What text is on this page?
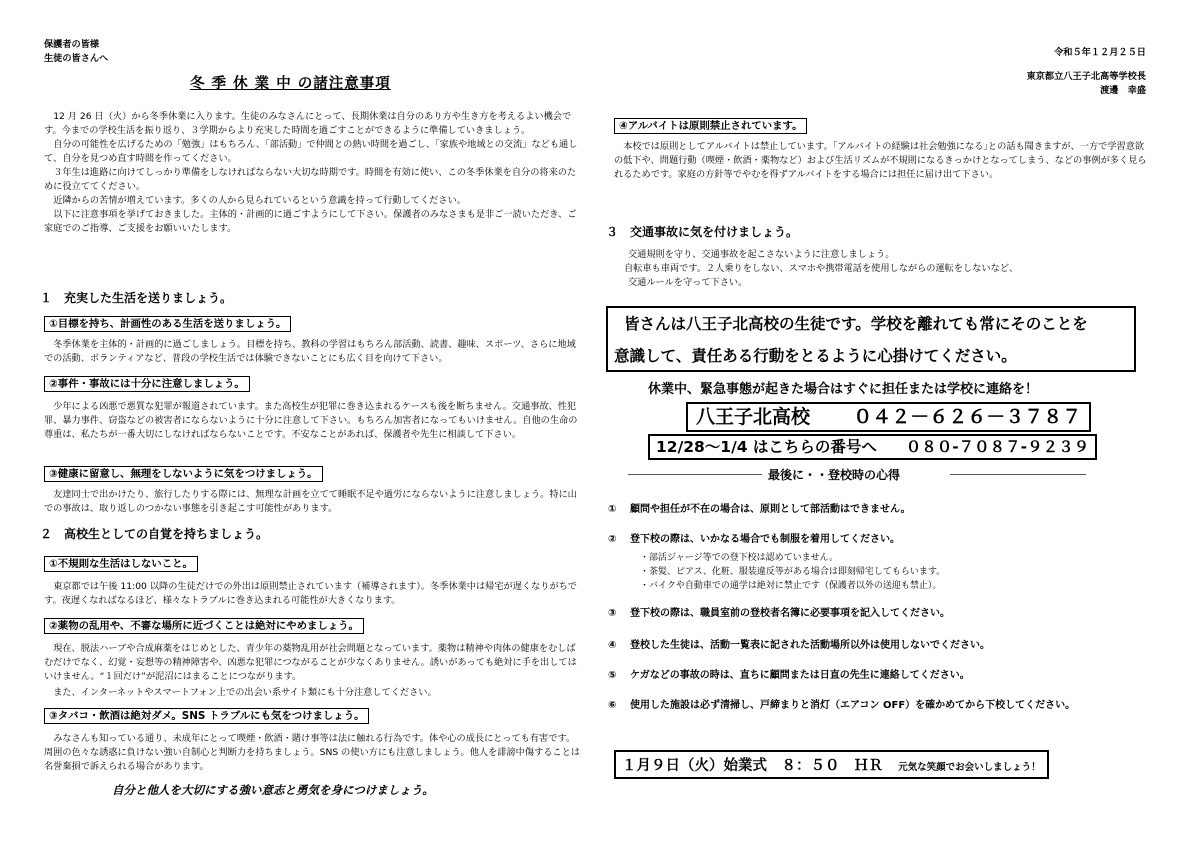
保護者の皆様
生徒の皆さんへ
冬 季 休 業 中 の諸注意事項

12 月 26 日（火）から冬季休業に入ります。生徒のみなさんにとって、長期休業は自分のあり方や生き方を考えるよい機会です。今までの学校生活を振り返り、３学期からより充実した時間を過ごすことができるように準備していきましょう。

自分の可能性を広げるための「勉強」はもちろん、「部活動」で仲間との熱い時間を過ごし、「家族や地域との交流」なども通して、自分を見つめ直す時間を作ってください。

３年生は進路に向けてしっかり準備をしなければならない大切な時期です。時間を有効に使い、この冬季休業を自分の将来のために役立ててください。

近隣からの苦情が増えています。多くの人から見られているという意識を持って行動してください。

以下に注意事項を挙げておきました。主体的・計画的に過ごすようにして下さい。保護者のみなさまも是非ご一読いただき、ご家庭でのご指導、ご支援をお願いいたします。

１　充実した生活を送りましょう。
①目標を持ち、計画性のある生活を送りましょう。

冬季休業を主体的・計画的に過ごしましょう。目標を持ち、教科の学習はもちろん部活動、読書、趣味、スポーツ、さらに地域での活動、ボランティアなど、普段の学校生活では体験できないことにも広く目を向けて下さい。

②事件・事故には十分に注意しましょう。

少年による凶悪で悪質な犯罪が報道されています。また高校生が犯罪に巻き込まれるケースも後を断ちません。交通事故、性犯罪、暴力事件、窃盗などの被害者にならないように十分に注意して下さい。もちろん加害者になってもいけません。自他の生命の尊重は、私たちが一番大切にしなければならないことです。不安なことがあれば、保護者や先生に相談して下さい。

③健康に留意し、無理をしないように気をつけましょう。

友達同士で出かけたり、旅行したりする際には、無理な計画を立てて睡眠不足や過労にならないように注意しましょう。特に山での事故は、取り返しのつかない事態を引き起こす可能性があります。

２　高校生としての自覚を持ちましょう。
①不規則な生活はしないこと。

東京都では午後 11:00 以降の生徒だけでの外出は原則禁止されています（補導されます）。冬季休業中は帰宅が遅くなりがちです。夜遅くなればなるほど、様々なトラブルに巻き込まれる可能性が大きくなります。

②薬物の乱用や、不審な場所に近づくことは絶対にやめましょう。

現在、脱法ハーブや合成麻薬をはじめとした、青少年の薬物乱用が社会問題となっています。薬物は精神や肉体の健康をむしばむだけでなく、幻覚・妄想等の精神障害や、凶悪な犯罪につながることが少なくありません。誘いがあっても絶対に手を出してはいけません。“１回だけ”が泥沼にはまることにつながります。

また、インターネットやスマートフォン上での出会い系サイト類にも十分注意してください。

③タバコ・飲酒は絶対ダメ。SNS トラブルにも気をつけましょう。

みなさんも知っている通り、未成年にとって喫煙・飲酒・賭け事等は法に触れる行為です。体や心の成長にとっても有害です。周囲の色々な誘惑に負けない強い自制心と判断力を持ちましょう。SNS の使い方にも注意しましょう。他人を誹謗中傷することは名誉棄損で訴えられる場合があります。

自分と他人を大切にする強い意志と勇気を身につけましょう。
令和５年１２月２５日
東京都立八王子北高等学校長
渡邊　幸盛
④アルバイトは原則禁止されています。

本校では原則としてアルバイトは禁止しています。｢アルバイトの経験は社会勉強になる｣との話も聞きますが、一方で学習意欲の低下や、問題行動（喫煙・飲酒・薬物など）および生活リズムが不規則になるきっかけとなってしまう、などの事例が多く見られるためです。家庭の方針等でやむを得ずアルバイトをする場合には担任に届け出て下さい。

３　交通事故に気を付けましょう。
交通規則を守り、交通事故を起こさないように注意しましょう。
自転車も車両です。２人乗りをしない、スマホや携帯電話を使用しながらの運転をしないなど、
交通ルールを守って下さい。
皆さんは八王子北高校の生徒です。学校を離れても常にそのことを
意識して、責任ある行動をとるように心掛けてください。
休業中、緊急事態が起きた場合はすぐに担任または学校に連絡を！
八王子北高校 ０４２－６２６－３７８７
12/28～1/4 はこちらの番号へ ０８０-７０８７-９２３９
最後に・・登校時の心得
① 顧問や担任が不在の場合は、原則として部活動はできません。
② 登下校の際は、いかなる場合でも制服を着用してください。
・部活ジャージ等での登下校は認めていません。
・茶髪、ピアス、化粧、服装違反等がある場合は即刻帰宅してもらいます。
・バイクや自動車での通学は絶対に禁止です（保護者以外の送迎も禁止）。
③ 登下校の際は、職員室前の登校者名簿に必要事項を記入してください。
④ 登校した生徒は、活動一覧表に記された活動場所以外は使用しないでください。
⑤ ケガなどの事故の時は、直ちに顧問または日直の先生に連絡してください。
⑥ 使用した施設は必ず清掃し、戸締まりと消灯（エアコン OFF）を確かめてから下校してください。
１月９日（火）始業式　８：５０　ＨＲ 元気な笑顔でお会いしましょう！
